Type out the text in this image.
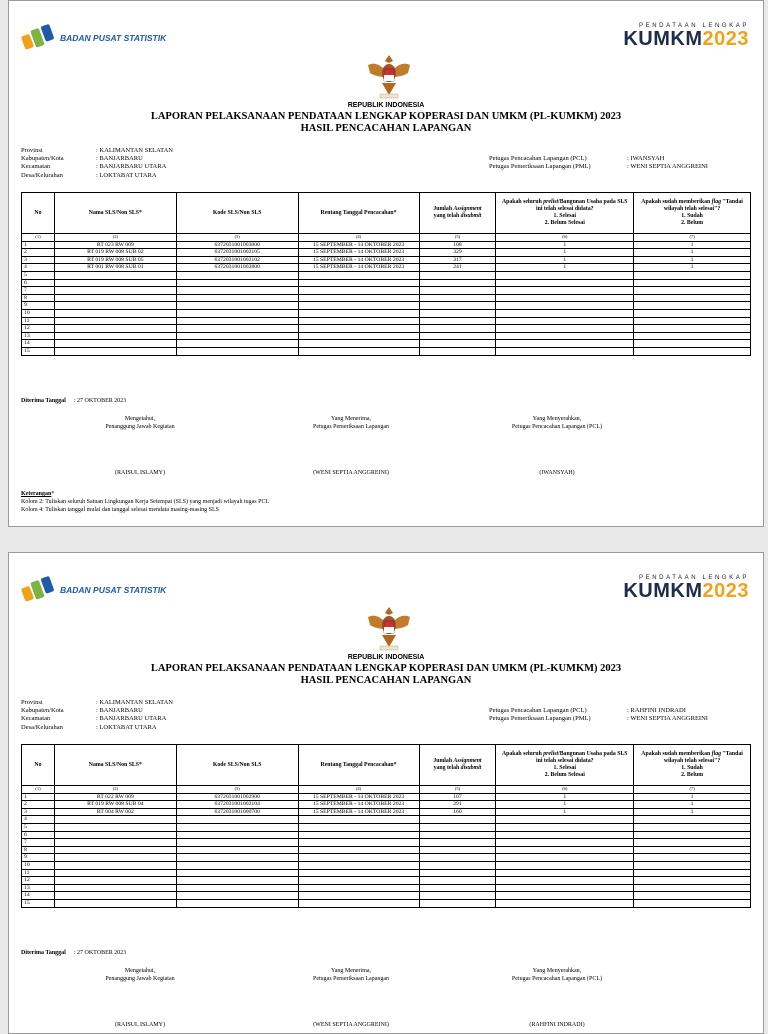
BADAN PUSAT STATISTIK
PENDATAAN LENGKAP
KUMKM2023
REPUBLIK INDONESIA
LAPORAN PELAKSANAAN PENDATAAN LENGKAP KOPERASI DAN UMKM (PL-KUMKM) 2023
HASIL PENCACAHAN LAPANGAN
Provinsi	: KALIMANTAN SELATAN
Kabupaten/Kota	: BANJARBARU
Kecamatan	: BANJARBARU UTARA
Desa/Kelurahan	: LOKTABAT UTARA
Petugas Pencacahan Lapangan (PCL)	: IWANSYAH
Petugas Pemeriksaan Lapangan (PML)	: WENI SEPTIA ANGGREINI
No	Nama SLS/Non SLS*	Kode SLS/Non SLS	Rentang Tanggal Pencacahan*	Jumlah Assignment
yang telah disubmit	Apakah seluruh prelist/Bangunan Usaha pada SLS ini telah selesai didata?
1. Selesai
2. Belum Selesai	Apakah sudah memberikan flag "Tandai wilayah telah selesai"?
1. Sudah
2. Belum
(1)	(2)	(3)	(4)	(5)	(6)	(7)
1	RT 023 RW 009	6372031001003000	15 SEPTEMBER - 14 OKTOBER 2023	108	1	1
2	RT 019 RW 008 SUB 02	6372031001002105	15 SEPTEMBER - 14 OKTOBER 2023	329	1	1
3	RT 019 RW 008 SUB 05	6372031001002102	15 SEPTEMBER - 14 OKTOBER 2023	317	1	1
4	RT 001 RW 008 SUB 01	6372031001002800	15 SEPTEMBER - 14 OKTOBER 2023	241	1	1
5						
6						
7						
8						
9						
10						
11						
12						
13						
14						
15						
Diterima Tanggal : 27 OKTOBER 2023
Mengetahui,
Penanggung Jawab Kegiatan
(RAISUL ISLAMY)
Yang Menerima,
Petugas Pemeriksaan Lapangan
(WENI SEPTIA ANGGREINI)
Yang Menyerahkan,
Petugas Pencacahan Lapangan (PCL)
(IWANSYAH)
Keterangan*
Kolom 2: Tuliskan seluruh Satuan Lingkungan Kerja Setempat (SLS) yang menjadi wilayah tugas PCL
Kolom 4: Tuliskan tanggal mulai dan tanggal selesai mendata masing-masing SLS
BADAN PUSAT STATISTIK
PENDATAAN LENGKAP
KUMKM2023
REPUBLIK INDONESIA
LAPORAN PELAKSANAAN PENDATAAN LENGKAP KOPERASI DAN UMKM (PL-KUMKM) 2023
HASIL PENCACAHAN LAPANGAN
Provinsi	: KALIMANTAN SELATAN
Kabupaten/Kota	: BANJARBARU
Kecamatan	: BANJARBARU UTARA
Desa/Kelurahan	: LOKTABAT UTARA
Petugas Pencacahan Lapangan (PCL)	: RAHFINI INDRADI
Petugas Pemeriksaan Lapangan (PML)	: WENI SEPTIA ANGGREINI
No	Nama SLS/Non SLS*	Kode SLS/Non SLS	Rentang Tanggal Pencacahan*	Jumlah Assignment
yang telah disubmit	Apakah seluruh prelist/Bangunan Usaha pada SLS ini telah selesai didata?
1. Selesai
2. Belum Selesai	Apakah sudah memberikan flag "Tandai wilayah telah selesai"?
1. Sudah
2. Belum
(1)	(2)	(3)	(4)	(5)	(6)	(7)
1	RT 022 RW 009	6372031001002900	15 SEPTEMBER - 14 OKTOBER 2023	107	1	1
2	RT 019 RW 008 SUB 04	6372031001002104	15 SEPTEMBER - 14 OKTOBER 2023	291	1	1
3	RT 004 RW 002	6372031001000700	15 SEPTEMBER - 14 OKTOBER 2023	160	1	1
4						
5						
6						
7						
8						
9						
10						
11						
12						
13						
14						
15						
Diterima Tanggal : 27 OKTOBER 2023
Mengetahui,
Penanggung Jawab Kegiatan
(RAISUL ISLAMY)
Yang Menerima,
Petugas Pemeriksaan Lapangan
(WENI SEPTIA ANGGREINI)
Yang Menyerahkan,
Petugas Pencacahan Lapangan (PCL)
(RAHFINI INDRADI)
